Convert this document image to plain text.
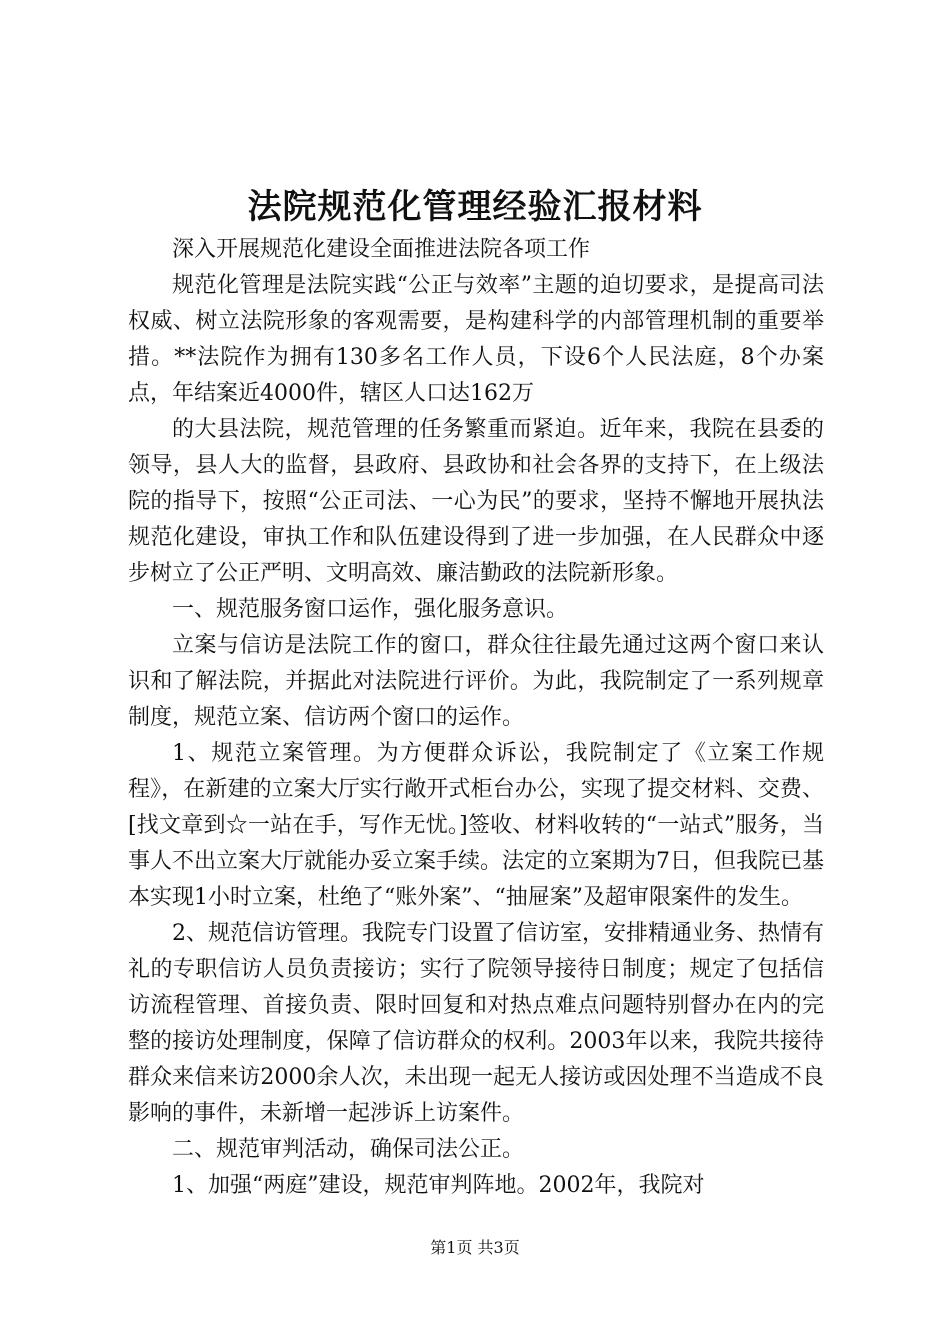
法院规范化管理经验汇报材料

深入开展规范化建设全面推进法院各项工作

规范化管理是法院实践“公正与效率”主题的迫切要求，是提高司法权威、树立法院形象的客观需要，是构建科学的内部管理机制的重要举措。**法院作为拥有130多名工作人员，下设6个人民法庭，8个办案点，年结案近4000件，辖区人口达162万

的大县法院，规范管理的任务繁重而紧迫。近年来，我院在县委的领导，县人大的监督，县政府、县政协和社会各界的支持下，在上级法院的指导下，按照“公正司法、一心为民”的要求，坚持不懈地开展执法规范化建设，审执工作和队伍建设得到了进一步加强，在人民群众中逐步树立了公正严明、文明高效、廉洁勤政的法院新形象。

一、规范服务窗口运作，强化服务意识。

立案与信访是法院工作的窗口，群众往往最先通过这两个窗口来认识和了解法院，并据此对法院进行评价。为此，我院制定了一系列规章制度，规范立案、信访两个窗口的运作。

1、规范立案管理。为方便群众诉讼，我院制定了《立案工作规程》，在新建的立案大厅实行敞开式柜台办公，实现了提交材料、交费、[找文章到☆一站在手，写作无忧。]签收、材料收转的“一站式”服务，当事人不出立案大厅就能办妥立案手续。法定的立案期为7日，但我院已基本实现1小时立案，杜绝了“账外案”、“抽屉案”及超审限案件的发生。

2、规范信访管理。我院专门设置了信访室，安排精通业务、热情有礼的专职信访人员负责接访；实行了院领导接待日制度；规定了包括信访流程管理、首接负责、限时回复和对热点难点问题特别督办在内的完整的接访处理制度，保障了信访群众的权利。2003年以来，我院共接待群众来信来访2000余人次，未出现一起无人接访或因处理不当造成不良影响的事件，未新增一起涉诉上访案件。

二、规范审判活动，确保司法公正。

1、加强“两庭”建设，规范审判阵地。2002年，我院对

第1页 共3页
